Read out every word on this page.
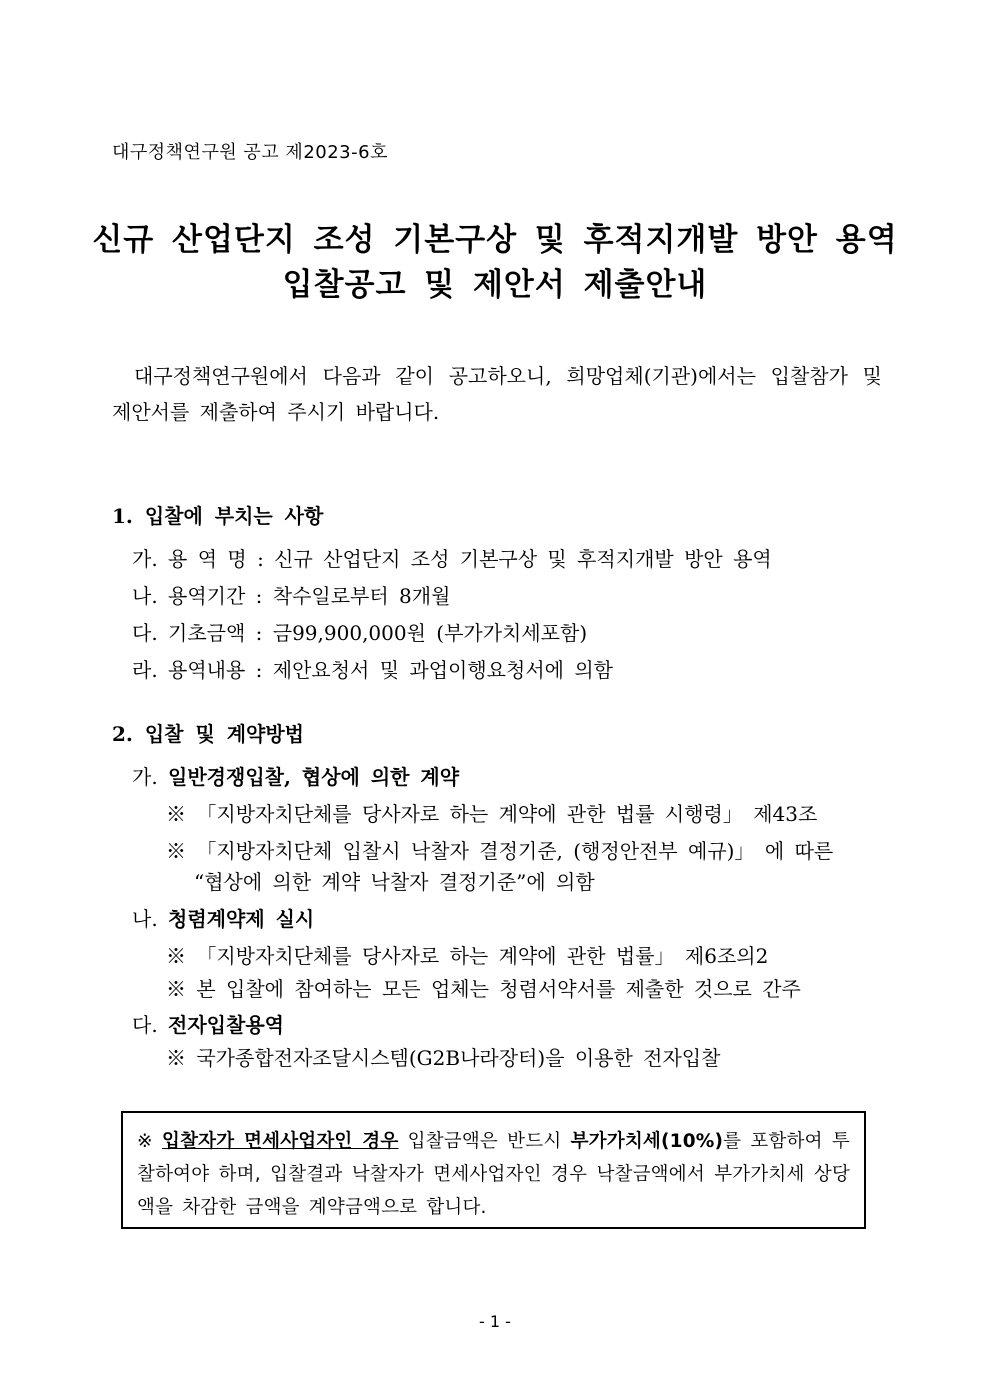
대구정책연구원 공고 제2023-6호
신규 산업단지 조성 기본구상 및 후적지개발 방안 용역
입찰공고 및 제안서 제출안내
대구정책연구원에서 다음과 같이 공고하오니, 희망업체(기관)에서는 입찰참가 및 제안서를 제출하여 주시기 바랍니다.
1. 입찰에 부치는 사항
가. 용 역 명 : 신규 산업단지 조성 기본구상 및 후적지개발 방안 용역
나. 용역기간 : 착수일로부터 8개월
다. 기초금액 : 금99,900,000원 (부가가치세포함)
라. 용역내용 : 제안요청서 및 과업이행요청서에 의함
2. 입찰 및 계약방법
가. 일반경쟁입찰, 협상에 의한 계약
※ 「지방자치단체를 당사자로 하는 계약에 관한 법률 시행령」 제43조
※ 「지방자치단체 입찰시 낙찰자 결정기준, (행정안전부 예규)」 에 따른
“협상에 의한 계약 낙찰자 결정기준”에 의함
나. 청렴계약제 실시
※ 「지방자치단체를 당사자로 하는 계약에 관한 법률」 제6조의2
※ 본 입찰에 참여하는 모든 업체는 청렴서약서를 제출한 것으로 간주
다. 전자입찰용역
※ 국가종합전자조달시스템(G2B나라장터)을 이용한 전자입찰
※ 입찰자가 면세사업자인 경우 입찰금액은 반드시 부가가치세(10%)를 포함하여 투찰하여야 하며, 입찰결과 낙찰자가 면세사업자인 경우 낙찰금액에서 부가가치세 상당액을 차감한 금액을 계약금액으로 합니다.
- 1 -
